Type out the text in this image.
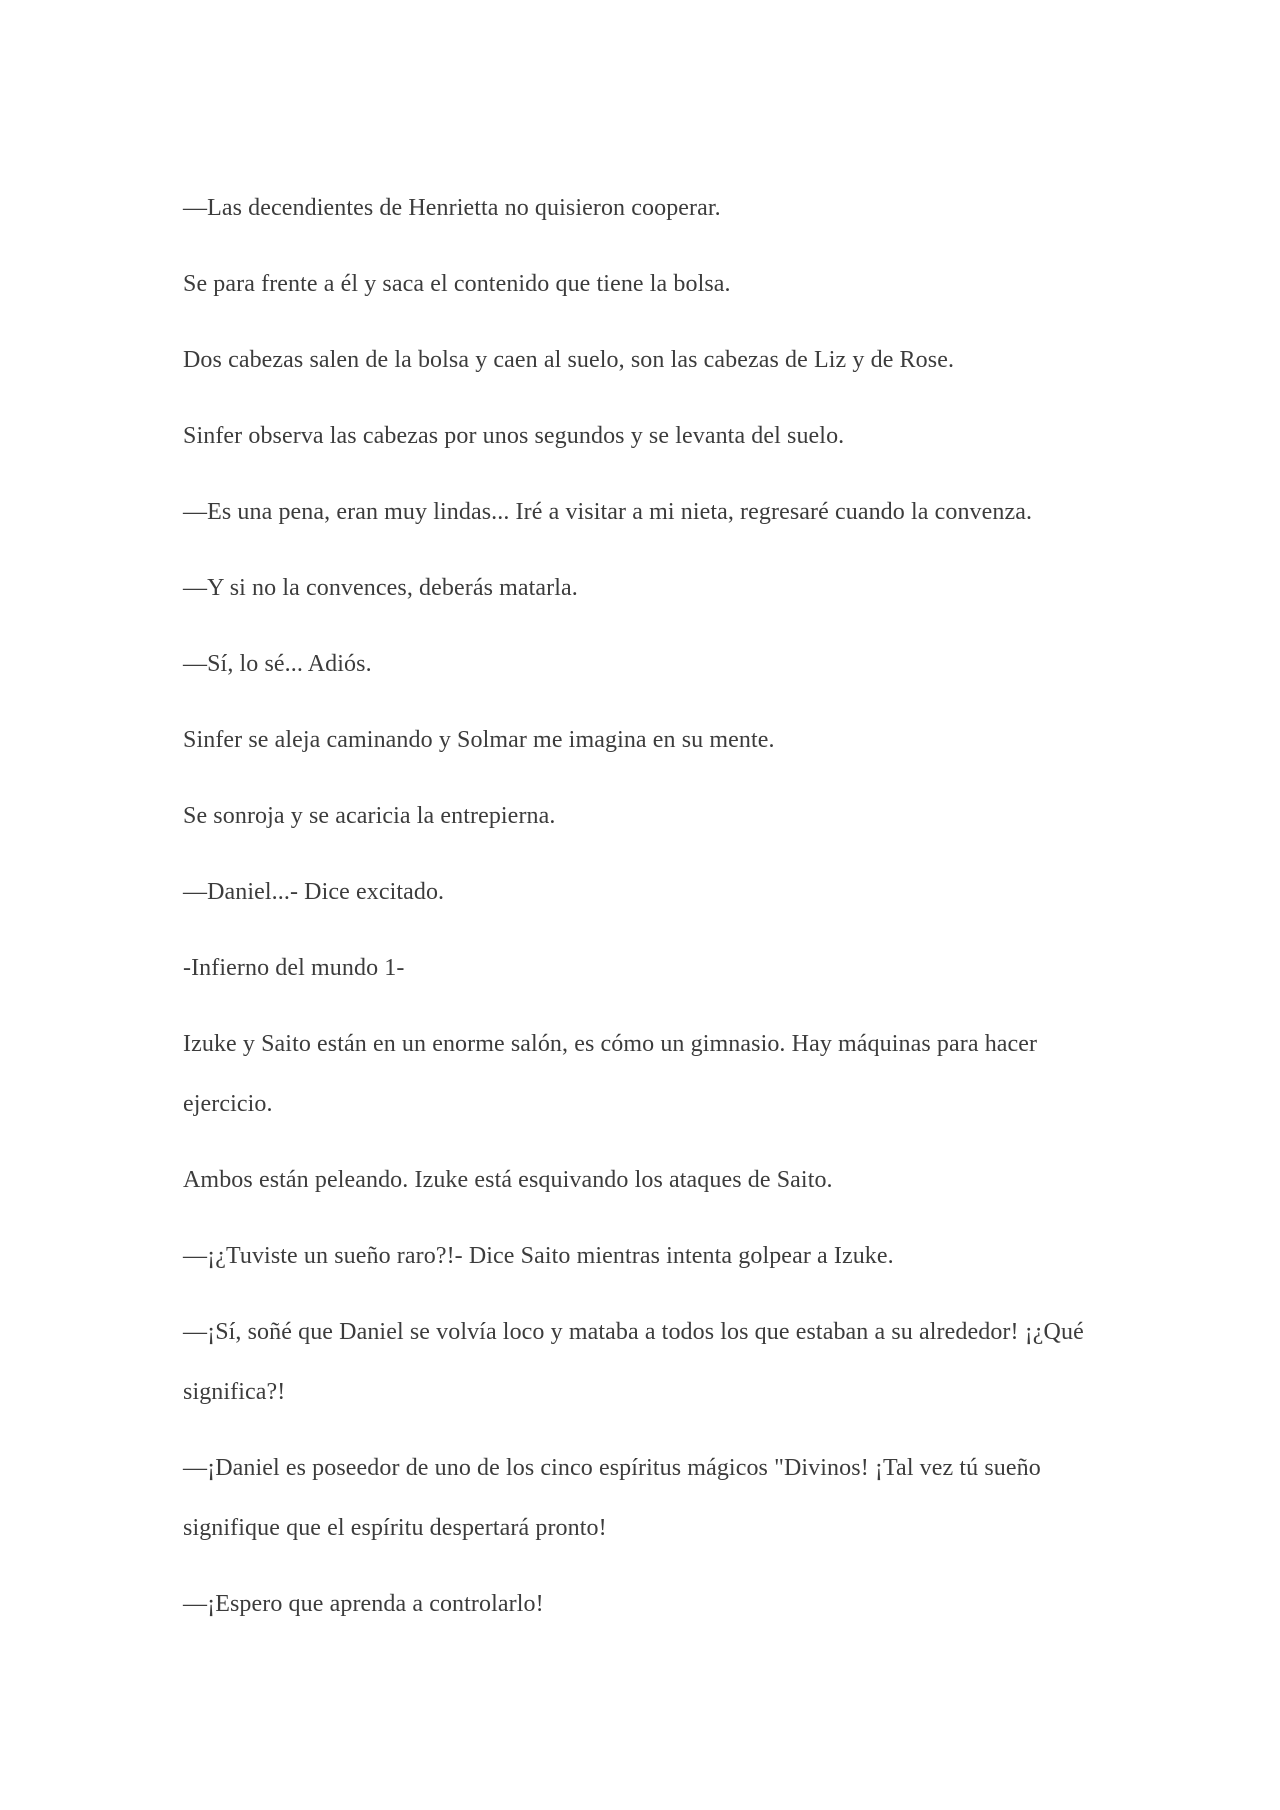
—Las decendientes de Henrietta no quisieron cooperar.

Se para frente a él y saca el contenido que tiene la bolsa.

Dos cabezas salen de la bolsa y caen al suelo, son las cabezas de Liz y de Rose.

Sinfer observa las cabezas por unos segundos y se levanta del suelo.

—Es una pena, eran muy lindas... Iré a visitar a mi nieta, regresaré cuando la convenza.

—Y si no la convences, deberás matarla.

—Sí, lo sé... Adiós.

Sinfer se aleja caminando y Solmar me imagina en su mente.

Se sonroja y se acaricia la entrepierna.

—Daniel...- Dice excitado.

-Infierno del mundo 1-

Izuke y Saito están en un enorme salón, es cómo un gimnasio. Hay máquinas para hacer ejercicio.

Ambos están peleando. Izuke está esquivando los ataques de Saito.

—¡¿Tuviste un sueño raro?!- Dice Saito mientras intenta golpear a Izuke.

—¡Sí, soñé que Daniel se volvía loco y mataba a todos los que estaban a su alrededor! ¡¿Qué significa?!

—¡Daniel es poseedor de uno de los cinco espíritus mágicos "Divinos! ¡Tal vez tú sueño signifique que el espíritu despertará pronto!

—¡Espero que aprenda a controlarlo!
